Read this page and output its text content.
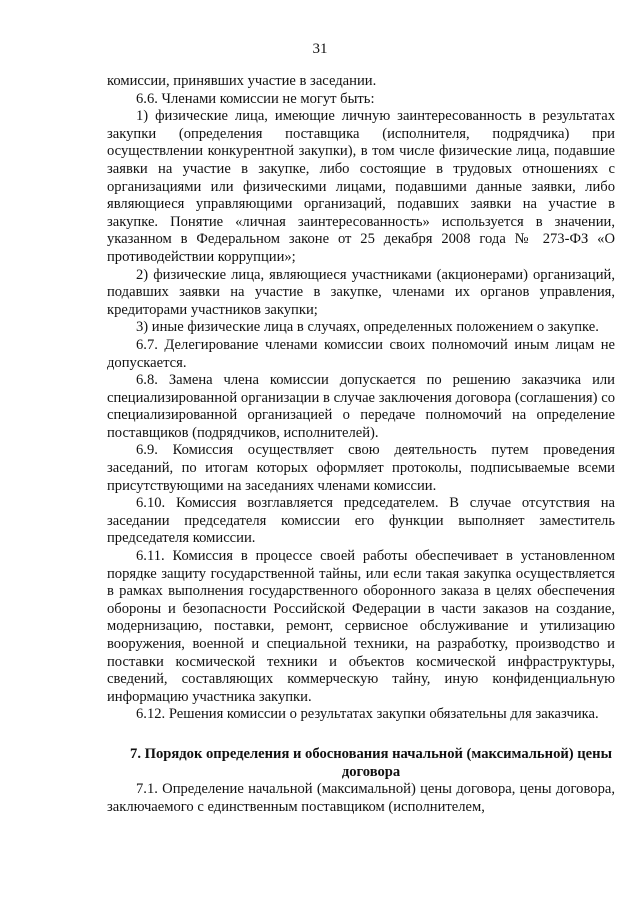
31

комиссии, принявших участие в заседании.

6.6. Членами комиссии не могут быть:

1) физические лица, имеющие личную заинтересованность в результатах закупки (определения поставщика (исполнителя, подрядчика) при осуществлении конкурентной закупки), в том числе физические лица, подавшие заявки на участие в закупке, либо состоящие в трудовых отношениях с организациями или физическими лицами, подавшими данные заявки, либо являющиеся управляющими организаций, подавших заявки на участие в закупке. Понятие «личная заинтересованность» используется в значении, указанном в Федеральном законе от 25 декабря 2008 года № 273-ФЗ «О противодействии коррупции»;

2) физические лица, являющиеся участниками (акционерами) организаций, подавших заявки на участие в закупке, членами их органов управления, кредиторами участников закупки;

3) иные физические лица в случаях, определенных положением о закупке.

6.7. Делегирование членами комиссии своих полномочий иным лицам не допускается.

6.8. Замена члена комиссии допускается по решению заказчика или специализированной организации в случае заключения договора (соглашения) со специализированной организацией о передаче полномочий на определение поставщиков (подрядчиков, исполнителей).

6.9. Комиссия осуществляет свою деятельность путем проведения заседаний, по итогам которых оформляет протоколы, подписываемые всеми присутствующими на заседаниях членами комиссии.

6.10. Комиссия возглавляется председателем. В случае отсутствия на заседании председателя комиссии его функции выполняет заместитель председателя комиссии.

6.11. Комиссия в процессе своей работы обеспечивает в установленном порядке защиту государственной тайны, или если такая закупка осуществляется в рамках выполнения государственного оборонного заказа в целях обеспечения обороны и безопасности Российской Федерации в части заказов на создание, модернизацию, поставки, ремонт, сервисное обслуживание и утилизацию вооружения, военной и специальной техники, на разработку, производство и поставки космической техники и объектов космической инфраструктуры, сведений, составляющих коммерческую тайну, иную конфиденциальную информацию участника закупки.

6.12. Решения комиссии о результатах закупки обязательны для заказчика.

7. Порядок определения и обоснования начальной (максимальной) цены договора

7.1. Определение начальной (максимальной) цены договора, цены договора, заключаемого с единственным поставщиком (исполнителем,
